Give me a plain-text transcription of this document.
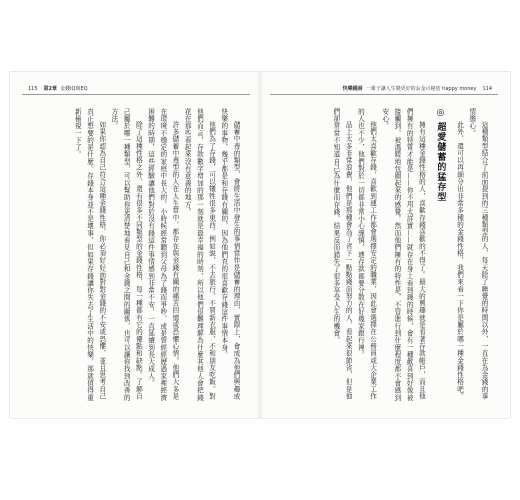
115 第2章 金錢IQ與EQ	快樂錢商 一輩子讓人生變更好的お金の秘密 happy money 114

這種類型結合了前面提到的三種類型的人，每天除了睡覺的時間以外，一直在為金錢的事情擔心。

此外，還可以再細分出非常多種的金錢性格，我們來看一下你是屬於哪一種金錢性格吧。

◎超愛儲蓄的猛存型

擁有這種金錢性格的人，喜歡存錢喜歡的不得了。最大的興趣就是看著存款帳戶，而且他們擁有的特質才能是——你不用太詳實——就存在身上看到錢的時候，會有一種歡喜到好像被接觸到、被溫暖地包圍起來的感覺。然而他們擁有的特性是，不管進行到什麼程度都不會感到安心。

他們太喜歡存錢，喜歡到連工作都會選擇安定的職業，因此會選擇在公務員或大企業工作的人也不少，他們對於一切都非常小心謹慎，連存款都要分散在好幾家銀行裡。

品上太多非常浪費，他們是那種會為了省下一點點錢而努力的人，看起來很節省，但是他們卻常常不知道自己為什麼而存錢，結果反而錯失了很多享受人生的機會。

儲蓄中毒的類型，會將生活中發生的事情當作是儲蓄的理由，實際上，會成為他們興趣或快樂的事物，幾乎都是和存錢有關的，因為他們真的很喜歡存錢這件事情本身。

他們為了存錢，可以犧牲很多東西。例如說，不去旅行、不買新衣服、不和朋友吃飯。對他們而言，存款數字增加的那一刻就是最幸福的時刻，所以他們很難理解為什麼其他人會把錢花在那些看起來沒有意義的地方。

許多儲蓄中毒型的人在人生當中，都存在與金錢有關的痛苦回憶或恐懼心情。他們大多是在環境不穩定的家庭中長大的，小時候經常聽到父母為了錢而爭吵，或是曾經經歷過家裡經濟困難的時期，這些經驗讓他們對於沒有錢這件事情感到非常不安，一直延續到長大成人。

除了這種性格之外，還有很多不同類型的金錢性格，每一種都有它的優點和缺點。了解自己屬於哪一種類型，可以幫助你更清楚地看見自己和金錢之間的關係，也可以讓你找到改善的方法。

如果你認為自己符合這種金錢性格，你必須好好面對對金錢的不安或恐懼，並且思考自己真正想要的是什麼。存錢本身並不是壞事，但如果存錢讓你失去了生活中的快樂，那就值得重新檢視一下了。
